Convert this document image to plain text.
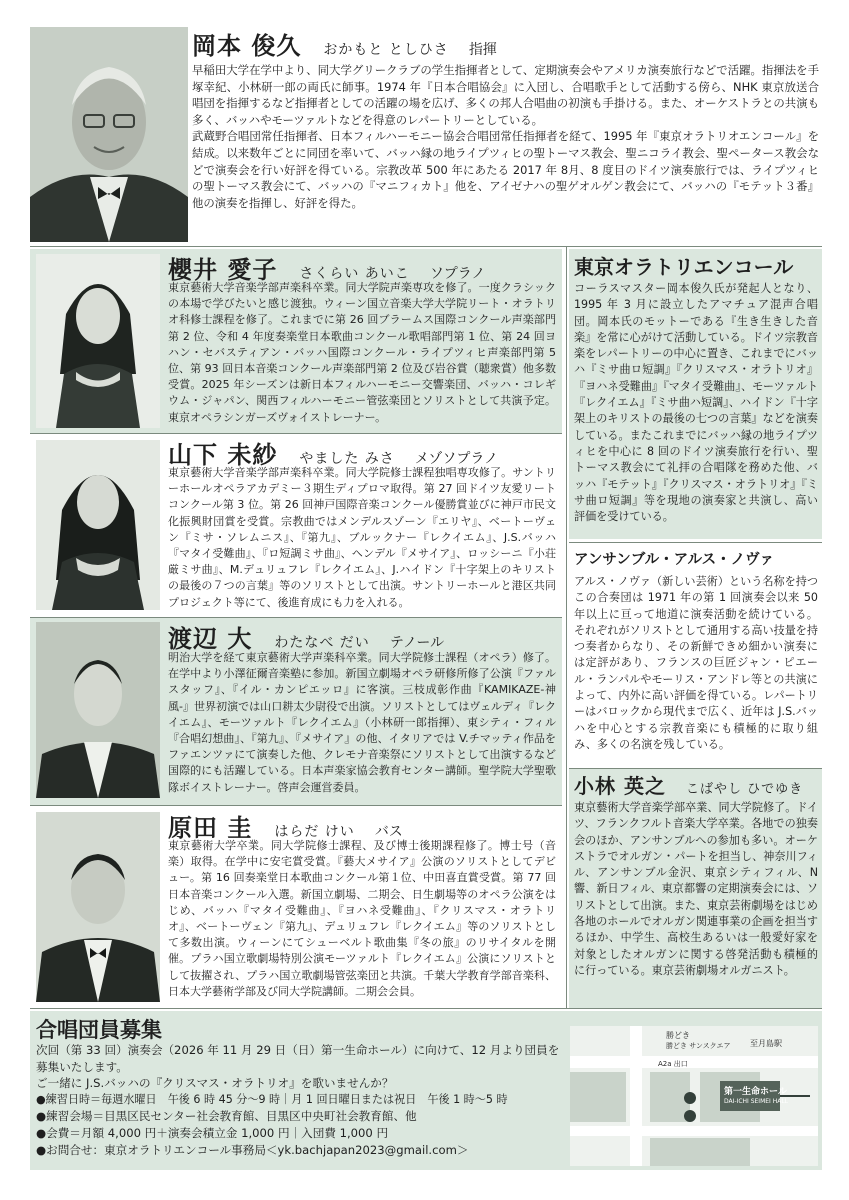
岡本 俊久 おかもと としひさ 指揮

早稲田大学在学中より、同大学グリークラブの学生指揮者として、定期演奏会やアメリカ演奏旅行などで活躍。指揮法を手塚幸紀、小林研一郎の両氏に師事。1974 年『日本合唱協会』に入団し、合唱歌手として活動する傍ら、NHK 東京放送合唱団を指揮するなど指揮者としての活躍の場を広げ、多くの邦人合唱曲の初演も手掛ける。また、オーケストラとの共演も多く、バッハやモーツァルトなどを得意のレパートリーとしている。

武蔵野合唱団常任指揮者、日本フィルハーモニー協会合唱団常任指揮者を経て、1995 年『東京オラトリオエンコール』を結成。以来数年ごとに同団を率いて、バッハ縁の地ライプツィヒの聖トーマス教会、聖ニコライ教会、聖ペータース教会などで演奏会を行い好評を得ている。宗教改革 500 年にあたる 2017 年 8月、8 度目のドイツ演奏旅行では、ライプツィヒの聖トーマス教会にて、バッハの『マニフィカト』他を、アイゼナハの聖ゲオルゲン教会にて、バッハの『モテット３番』他の演奏を指揮し、好評を得た。

櫻井 愛子 さくらい あいこ ソプラノ
東京藝術大学音楽学部声楽科卒業。同大学院声楽専攻を修了。一度クラシックの本場で学びたいと感じ渡独。ウィーン国立音楽大学大学院リート・オラトリオ科修士課程を修了。これまでに第 26 回ブラームス国際コンクール声楽部門第 2 位、令和 4 年度奏楽堂日本歌曲コンクール歌唱部門第 1 位、第 24 回ヨハン・セバスティアン・バッハ国際コンクール・ライプツィヒ声楽部門第 5 位、第 93 回日本音楽コンクール声楽部門第 2 位及び岩谷賞（聴衆賞）他多数受賞。2025 年シーズンは新日本フィルハーモニー交響楽団、バッハ・コレギウム・ジャパン、関西フィルハーモニー管弦楽団とソリストとして共演予定。東京オペラシンガーズヴォイストレーナー。
山下 未紗 やました みさ メゾソプラノ
東京藝術大学音楽学部声楽科卒業。同大学院修士課程独唱専攻修了。サントリーホールオペラアカデミー３期生ディプロマ取得。第 27 回ドイツ友愛リートコンクール第 3 位。第 26 回神戸国際音楽コンクール優勝賞並びに神戸市民文化振興財団賞を受賞。宗教曲ではメンデルスゾーン『エリヤ』、ベートーヴェン『ミサ・ソレムニス』、『第九』、ブルックナー『レクイエム』、J.S.バッハ『マタイ受難曲』、『ロ短調ミサ曲』、ヘンデル『メサイア』、ロッシーニ『小荘厳ミサ曲』、M.デュリュフレ『レクイエム』、J.ハイドン『十字架上のキリストの最後の７つの言葉』等のソリストとして出演。サントリーホールと港区共同プロジェクト等にて、後進育成にも力を入れる。
渡辺 大 わたなべ だい テノール
明治大学を経て東京藝術大学声楽科卒業。同大学院修士課程（オペラ）修了。在学中より小澤征爾音楽塾に参加。新国立劇場オペラ研修所修了公演『ファルスタッフ』、『イル・カンピエッロ』に客演。三枝成彰作曲『KAMIKAZE-神風-』世界初演では山口耕太少尉役で出演。ソリストとしてはヴェルディ『レクイエム』、モーツァルト『レクイエム』（小林研一郎指揮）、東シティ・フィル『合唱幻想曲』、『第九』、『メサイア』の他、イタリアでは V.チマッティ作品をファエンツァにて演奏した他、クレモナ音楽祭にソリストとして出演するなど国際的にも活躍している。日本声楽家協会教育センター講師。聖学院大学聖歌隊ボイストレーナー。啓声会運営委員。
原田 圭 はらだ けい バス
東京藝術大学卒業。同大学院修士課程、及び博士後期課程修了。博士号（音楽）取得。在学中に安宅賞受賞。『藝大メサイア』公演のソリストとしてデビュー。第 16 回奏楽堂日本歌曲コンクール第１位、中田喜直賞受賞。第 77 回日本音楽コンクール入選。新国立劇場、二期会、日生劇場等のオペラ公演をはじめ、バッハ『マタイ受難曲』、『ヨハネ受難曲』、『クリスマス・オラトリオ』、ベートーヴェン『第九』、デュリュフレ『レクイエム』等のソリストとして多数出演。ウィーンにてシューベルト歌曲集『冬の旅』のリサイタルを開催。プラハ国立歌劇場特別公演モーツァルト『レクイエム』公演にソリストとして抜擢され、プラハ国立歌劇場管弦楽団と共演。千葉大学教育学部音楽科、日本大学藝術学部及び同大学院講師。二期会会員。
東京オラトリエンコール
コーラスマスター岡本俊久氏が発起人となり、1995 年 3 月に設立したアマチュア混声合唱団。岡本氏のモットーである『生き生きした音楽』を常に心がけて活動している。ドイツ宗教音楽をレパートリーの中心に置き、これまでにバッハ『ミサ曲ロ短調』『クリスマス・オラトリオ』『ヨハネ受難曲』『マタイ受難曲』、モーツァルト『レクイエム』『ミサ曲ハ短調』、ハイドン『十字架上のキリストの最後の七つの言葉』などを演奏している。またこれまでにバッハ縁の地ライプツィヒを中心に 8 回のドイツ演奏旅行を行い、聖トーマス教会にて礼拝の合唱隊を務めた他、バッハ『モテット』『クリスマス・オラトリオ』『ミサ曲ロ短調』等を現地の演奏家と共演し、高い評価を受けている。
アンサンブル・アルス・ノヴァ
アルス・ノヴァ（新しい芸術）という名称を持つこの合奏団は 1971 年の第 1 回演奏会以来 50 年以上に亘って地道に演奏活動を続けている。それぞれがソリストとして通用する高い技量を持つ奏者からなり、その新鮮できめ細かい演奏には定評があり、フランスの巨匠ジャン・ピエール・ランパルやモーリス・アンドレ等との共演によって、内外に高い評価を得ている。レパートリーはバロックから現代まで広く、近年は J.S.バッハを中心とする宗教音楽にも積極的に取り組み、多くの名演を残している。
小林 英之 こばやし ひでゆき
東京藝術大学音楽学部卒業、同大学院修了。ドイツ、フランクフルト音楽大学卒業。各地での独奏会のほか、アンサンブルへの参加も多い。オーケストラでオルガン・パートを担当し、神奈川フィル、アンサンブル金沢、東京シティフィル、N響、新日フィル、東京都響の定期演奏会には、ソリストとして出演。また、東京芸術劇場をはじめ各地のホールでオルガン関連事業の企画を担当するほか、中学生、高校生あるいは一般愛好家を対象としたオルガンに関する啓発活動も積極的に行っている。東京芸術劇場オルガニスト。
合唱団員募集

次回（第 33 回）演奏会（2026 年 11 月 29 日（日）第一生命ホール）に向けて、12 月より団員を募集いたします。

ご一緒に J.S.バッハの『クリスマス・オラトリオ』を歌いませんか？

●練習日時＝毎週水曜日　午後 6 時 45 分～9 時｜月 1 回日曜日または祝日　午後 1 時～5 時

●練習会場＝目黒区民センター社会教育館、目黒区中央町社会教育館、他

●会費＝月額 4,000 円＋演奏会積立金 1,000 円｜入団費 1,000 円

●お問合せ：東京オラトリエンコール事務局＜yk.bachjapan2023@gmail.com＞

勝どき
勝どき サンスクエア 至月島駅
A2a 出口
第一生命ホール
DAI-ICHI SEIMEI HALL
